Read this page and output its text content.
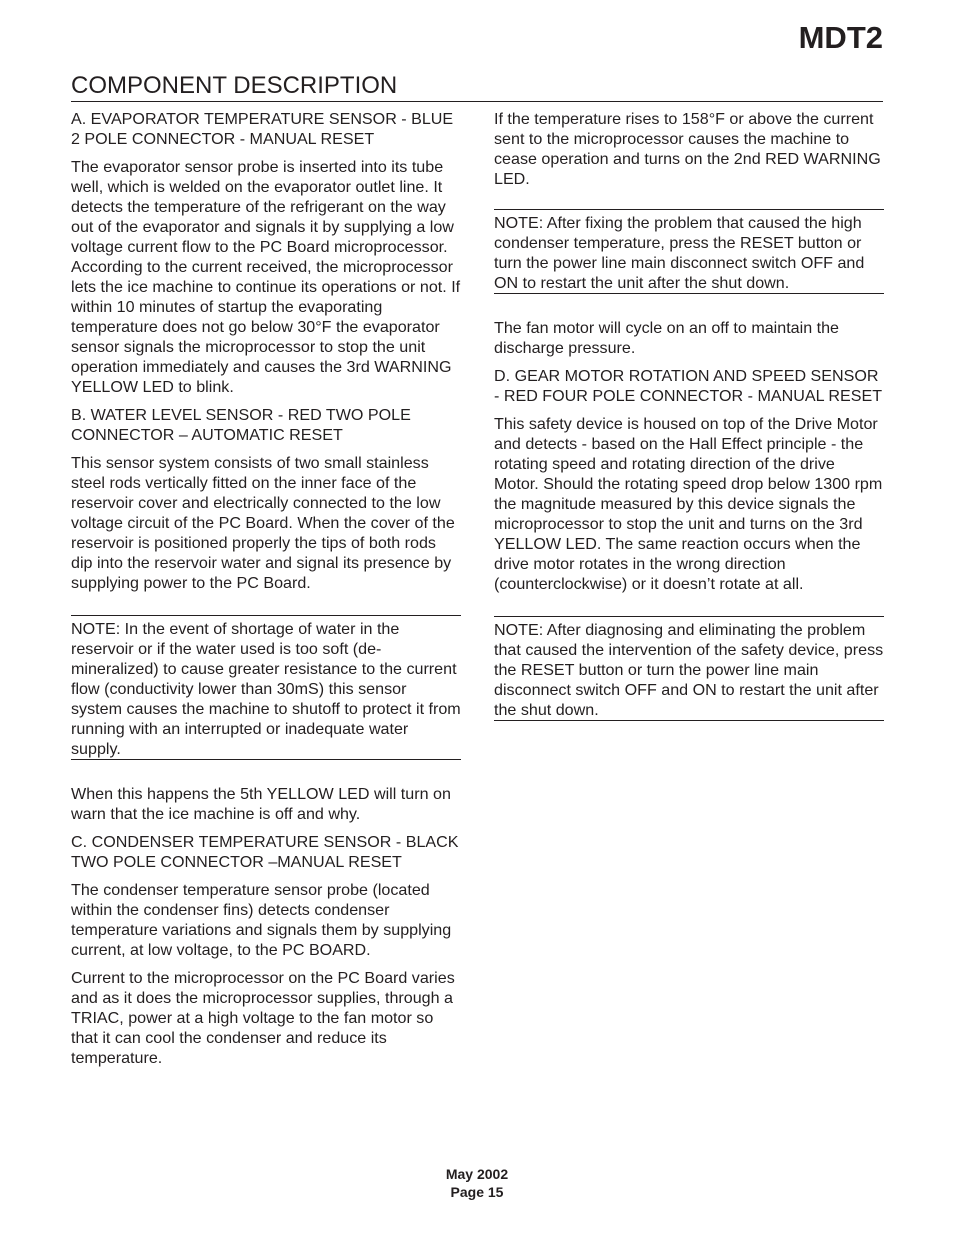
MDT2
COMPONENT DESCRIPTION

A. EVAPORATOR TEMPERATURE SENSOR - BLUE 2 POLE CONNECTOR - MANUAL RESET

The evaporator sensor probe is inserted into its tube well, which is welded on the evaporator outlet line. It detects the temperature of the refrigerant on the way out of the evaporator and signals it by supplying a low voltage current flow to the PC Board microprocessor. According to the current received, the microprocessor lets the ice machine to continue its operations or not. If within 10 minutes of startup the evaporating temperature does not go below 30°F the evaporator sensor signals the microprocessor to stop the unit operation immediately and causes the 3rd WARNING YELLOW LED to blink.

B. WATER LEVEL SENSOR - RED TWO POLE CONNECTOR – AUTOMATIC RESET

This sensor system consists of two small stainless steel rods vertically fitted on the inner face of the reservoir cover and electrically connected to the low voltage circuit of the PC Board. When the cover of the reservoir is positioned properly the tips of both rods dip into the reservoir water and signal its presence by supplying power to the PC Board.

NOTE: In the event of shortage of water in the reservoir or if the water used is too soft (de-mineralized) to cause greater resistance to the current flow (conductivity lower than 30mS) this sensor system causes the machine to shutoff to protect it from running with an interrupted or inadequate water supply.

When this happens the 5th YELLOW LED will turn on warn that the ice machine is off and why.

C. CONDENSER TEMPERATURE SENSOR - BLACK TWO POLE CONNECTOR –MANUAL RESET

The condenser temperature sensor probe (located within the condenser fins) detects condenser temperature variations and signals them by supplying current, at low voltage, to the PC BOARD.

Current to the microprocessor on the PC Board varies and as it does the microprocessor supplies, through a TRIAC, power at a high voltage to the fan motor so that it can cool the condenser and reduce its temperature.

If the temperature rises to 158°F or above the current sent to the microprocessor causes the machine to cease operation and turns on the 2nd RED WARNING LED.

NOTE: After fixing the problem that caused the high condenser temperature, press the RESET button or turn the power line main disconnect switch OFF and ON to restart the unit after the shut down.

The fan motor will cycle on an off to maintain the discharge pressure.

D. GEAR MOTOR ROTATION AND SPEED SENSOR - RED FOUR POLE CONNECTOR - MANUAL RESET

This safety device is housed on top of the Drive Motor and detects - based on the Hall Effect principle - the rotating speed and rotating direction of the drive Motor. Should the rotating speed drop below 1300 rpm the magnitude measured by this device signals the microprocessor to stop the unit and turns on the 3rd YELLOW LED. The same reaction occurs when the drive motor rotates in the wrong direction (counterclockwise) or it doesn’t rotate at all.

NOTE: After diagnosing and eliminating the problem that caused the intervention of the safety device, press the RESET button or turn the power line main disconnect switch OFF and ON to restart the unit after the shut down.

May 2002
Page 15
